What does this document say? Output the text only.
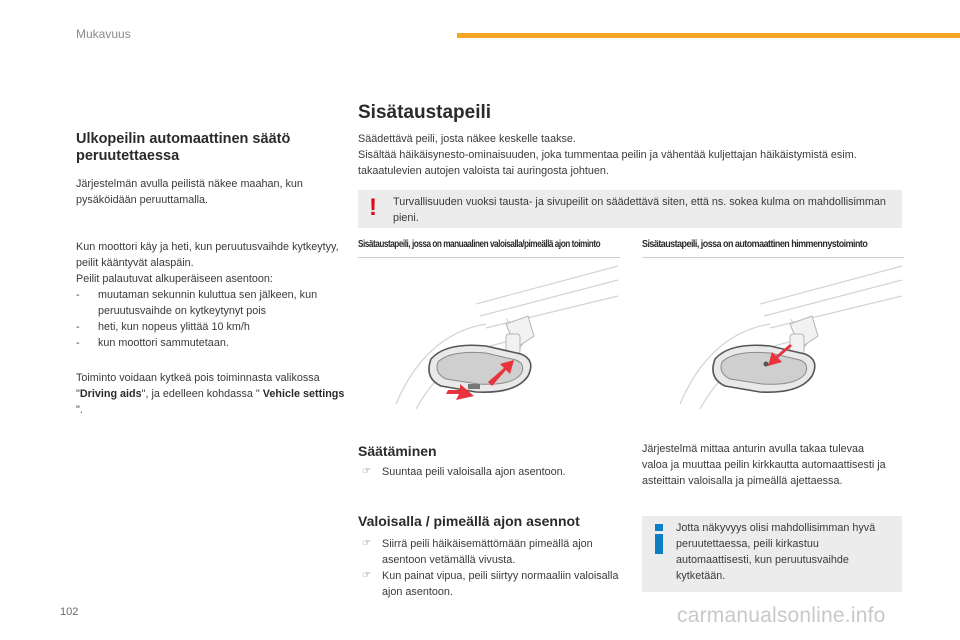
Mukavuus
Ulkopeilin automaattinen säätö peruutettaessa

Järjestelmän avulla peilistä näkee maahan, kun pysäköidään peruuttamalla.

Kun moottori käy ja heti, kun peruutusvaihde kytkeytyy, peilit kääntyvät alaspäin.
Peilit palautuvat alkuperäiseen asentoon:
- muutaman sekunnin kuluttua sen jälkeen, kun peruutusvaihde on kytkeytynyt pois
- heti, kun nopeus ylittää 10 km/h
- kun moottori sammutetaan.

Toiminto voidaan kytkeä pois toiminnasta valikossa "Driving aids", ja edelleen kohdassa " Vehicle settings ".

Sisätaustapeili
Säädettävä peili, josta näkee keskelle taakse.
Sisältää häikäisynesto-ominaisuuden, joka tummentaa peilin ja vähentää kuljettajan häikäistymistä esim. takaatulevien autojen valoista tai auringosta johtuen.
! Turvallisuuden vuoksi tausta- ja sivupeilit on säädettävä siten, että ns. sokea kulma on mahdollisimman pieni.
Sisätaustapeili, jossa on manuaalinen valoisalla/pimeällä ajon toiminto	Sisätaustapeili, jossa on automaattinen himmennystoiminto
Säätäminen
☞ Suuntaa peili valoisalla ajon asentoon.
Valoisalla / pimeällä ajon asennot
☞ Siirrä peili häikäisemättömään pimeällä ajon asentoon vetämällä vivusta.
☞ Kun painat vipua, peili siirtyy normaaliin valoisalla ajon asentoon.

Järjestelmä mittaa anturin avulla takaa tulevaa valoa ja muuttaa peilin kirkkautta automaattisesti ja asteittain valoisalla ja pimeällä ajettaessa.

Jotta näkyvyys olisi mahdollisimman hyvä peruutettaessa, peili kirkastuu automaattisesti, kun peruutusvaihde kytketään.
102	carmanualsonline.info
